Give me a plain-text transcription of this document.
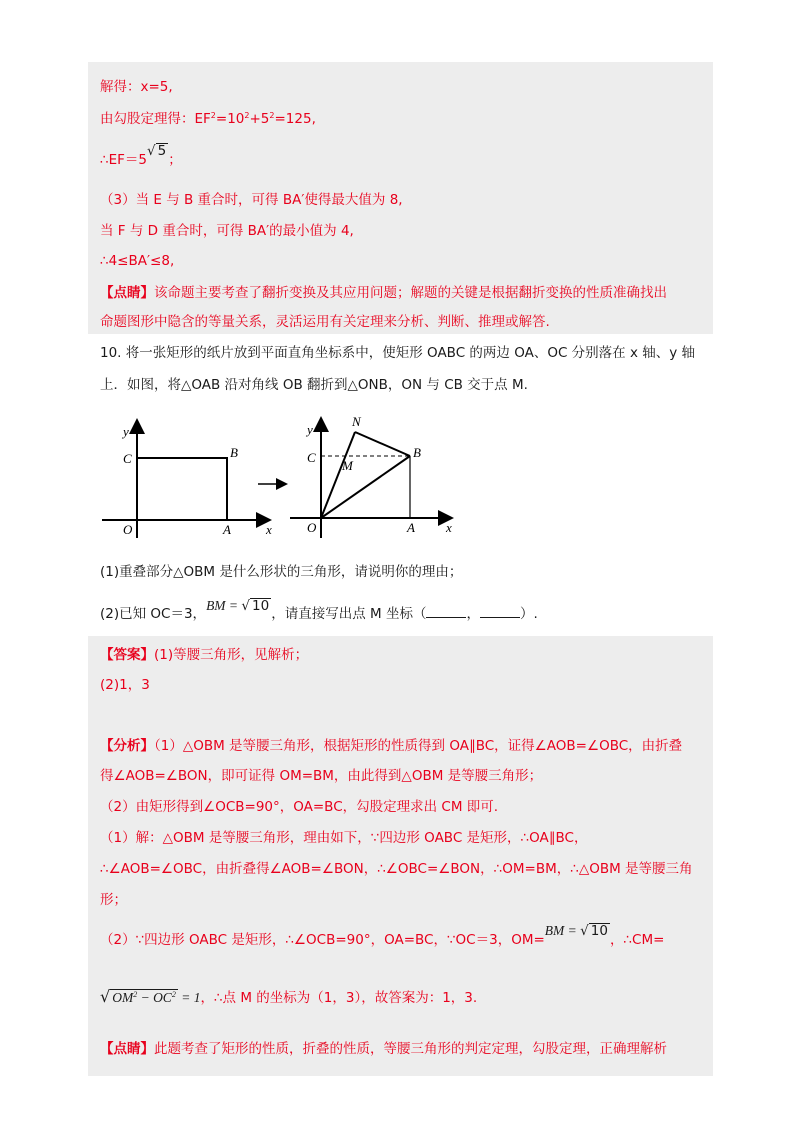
解得：x=5,
由勾股定理得：$EF^2=10^2+5^2=125$,
∴EF＝5√ 5；
（3）当 E 与 B 重合时，可得 BA′使得最大值为 8,
当 F 与 D 重合时，可得 BA′的最小值为 4,
∴4≤BA′≤8,
【点睛】该命题主要考查了翻折变换及其应用问题；解题的关键是根据翻折变换的性质准确找出
命题图形中隐含的等量关系，灵活运用有关定理来分析、判断、推理或解答.
10. 将一张矩形的纸片放到平面直角坐标系中，使矩形 OABC 的两边 OA、OC 分别落在 x 轴、y 轴
上．如图，将△OAB 沿对角线 OB 翻折到△ONB，ON 与 CB 交于点 M.
y
x
O	A
B
C
y
x
O	A
B
C
N
M
(1)重叠部分△OBM 是什么形状的三角形，请说明你的理由；
(2)已知 OC＝3，BM = √ 10 ，请直接写出点 M 坐标（	，	）.
【答案】(1)等腰三角形，见解析；
(2)1，3
【分析】（1）△OBM 是等腰三角形，根据矩形的性质得到 OA∥BC，证得∠AOB=∠OBC，由折叠
得∠AOB=∠BON，即可证得 OM=BM，由此得到△OBM 是等腰三角形；
（2）由矩形得到∠OCB=90°，OA=BC，勾股定理求出 CM 即可.
（1）解：△OBM 是等腰三角形，理由如下，∵四边形 OABC 是矩形，∴OA∥BC，
∴∠AOB=∠OBC，由折叠得∠AOB=∠BON，∴∠OBC=∠BON，∴OM=BM，∴△OBM 是等腰三角
形；
（2）∵四边形 OABC 是矩形，∴∠OCB=90°，OA=BC，∵OC＝3，OM=BM = √ 10，∴CM=
√ $OM^2 - OC^2 = 1$，∴点 M 的坐标为（1，3），故答案为：1，3.
【点睛】此题考查了矩形的性质，折叠的性质，等腰三角形的判定定理，勾股定理，正确理解析
